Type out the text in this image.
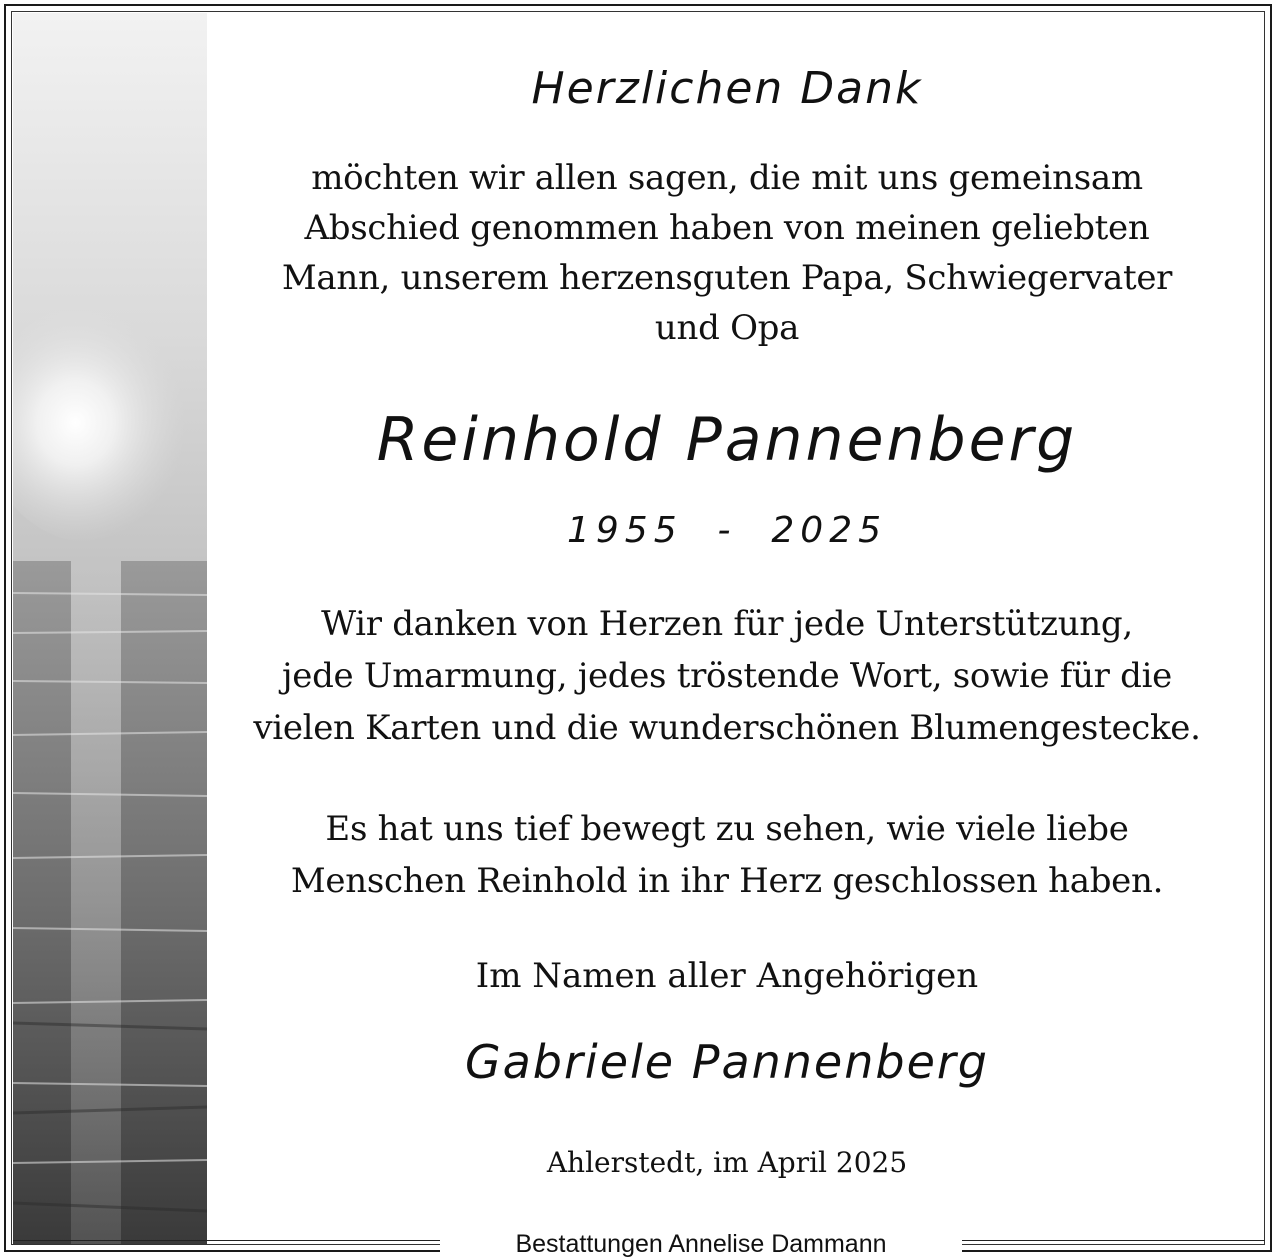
Herzlichen Dank
möchten wir allen sagen, die mit uns gemeinsam
Abschied genommen haben von meinen geliebten
Mann, unserem herzensguten Papa, Schwiegervater
und Opa
Reinhold Pannenberg
1955  -  2025
Wir danken von Herzen für jede Unterstützung,
jede Umarmung, jedes tröstende Wort, sowie für die
vielen Karten und die wunderschönen Blumengestecke.
Es hat uns tief bewegt zu sehen, wie viele liebe
Menschen Reinhold in ihr Herz geschlossen haben.
Im Namen aller Angehörigen
Gabriele Pannenberg
Ahlerstedt, im April 2025
Bestattungen Annelise Dammann
